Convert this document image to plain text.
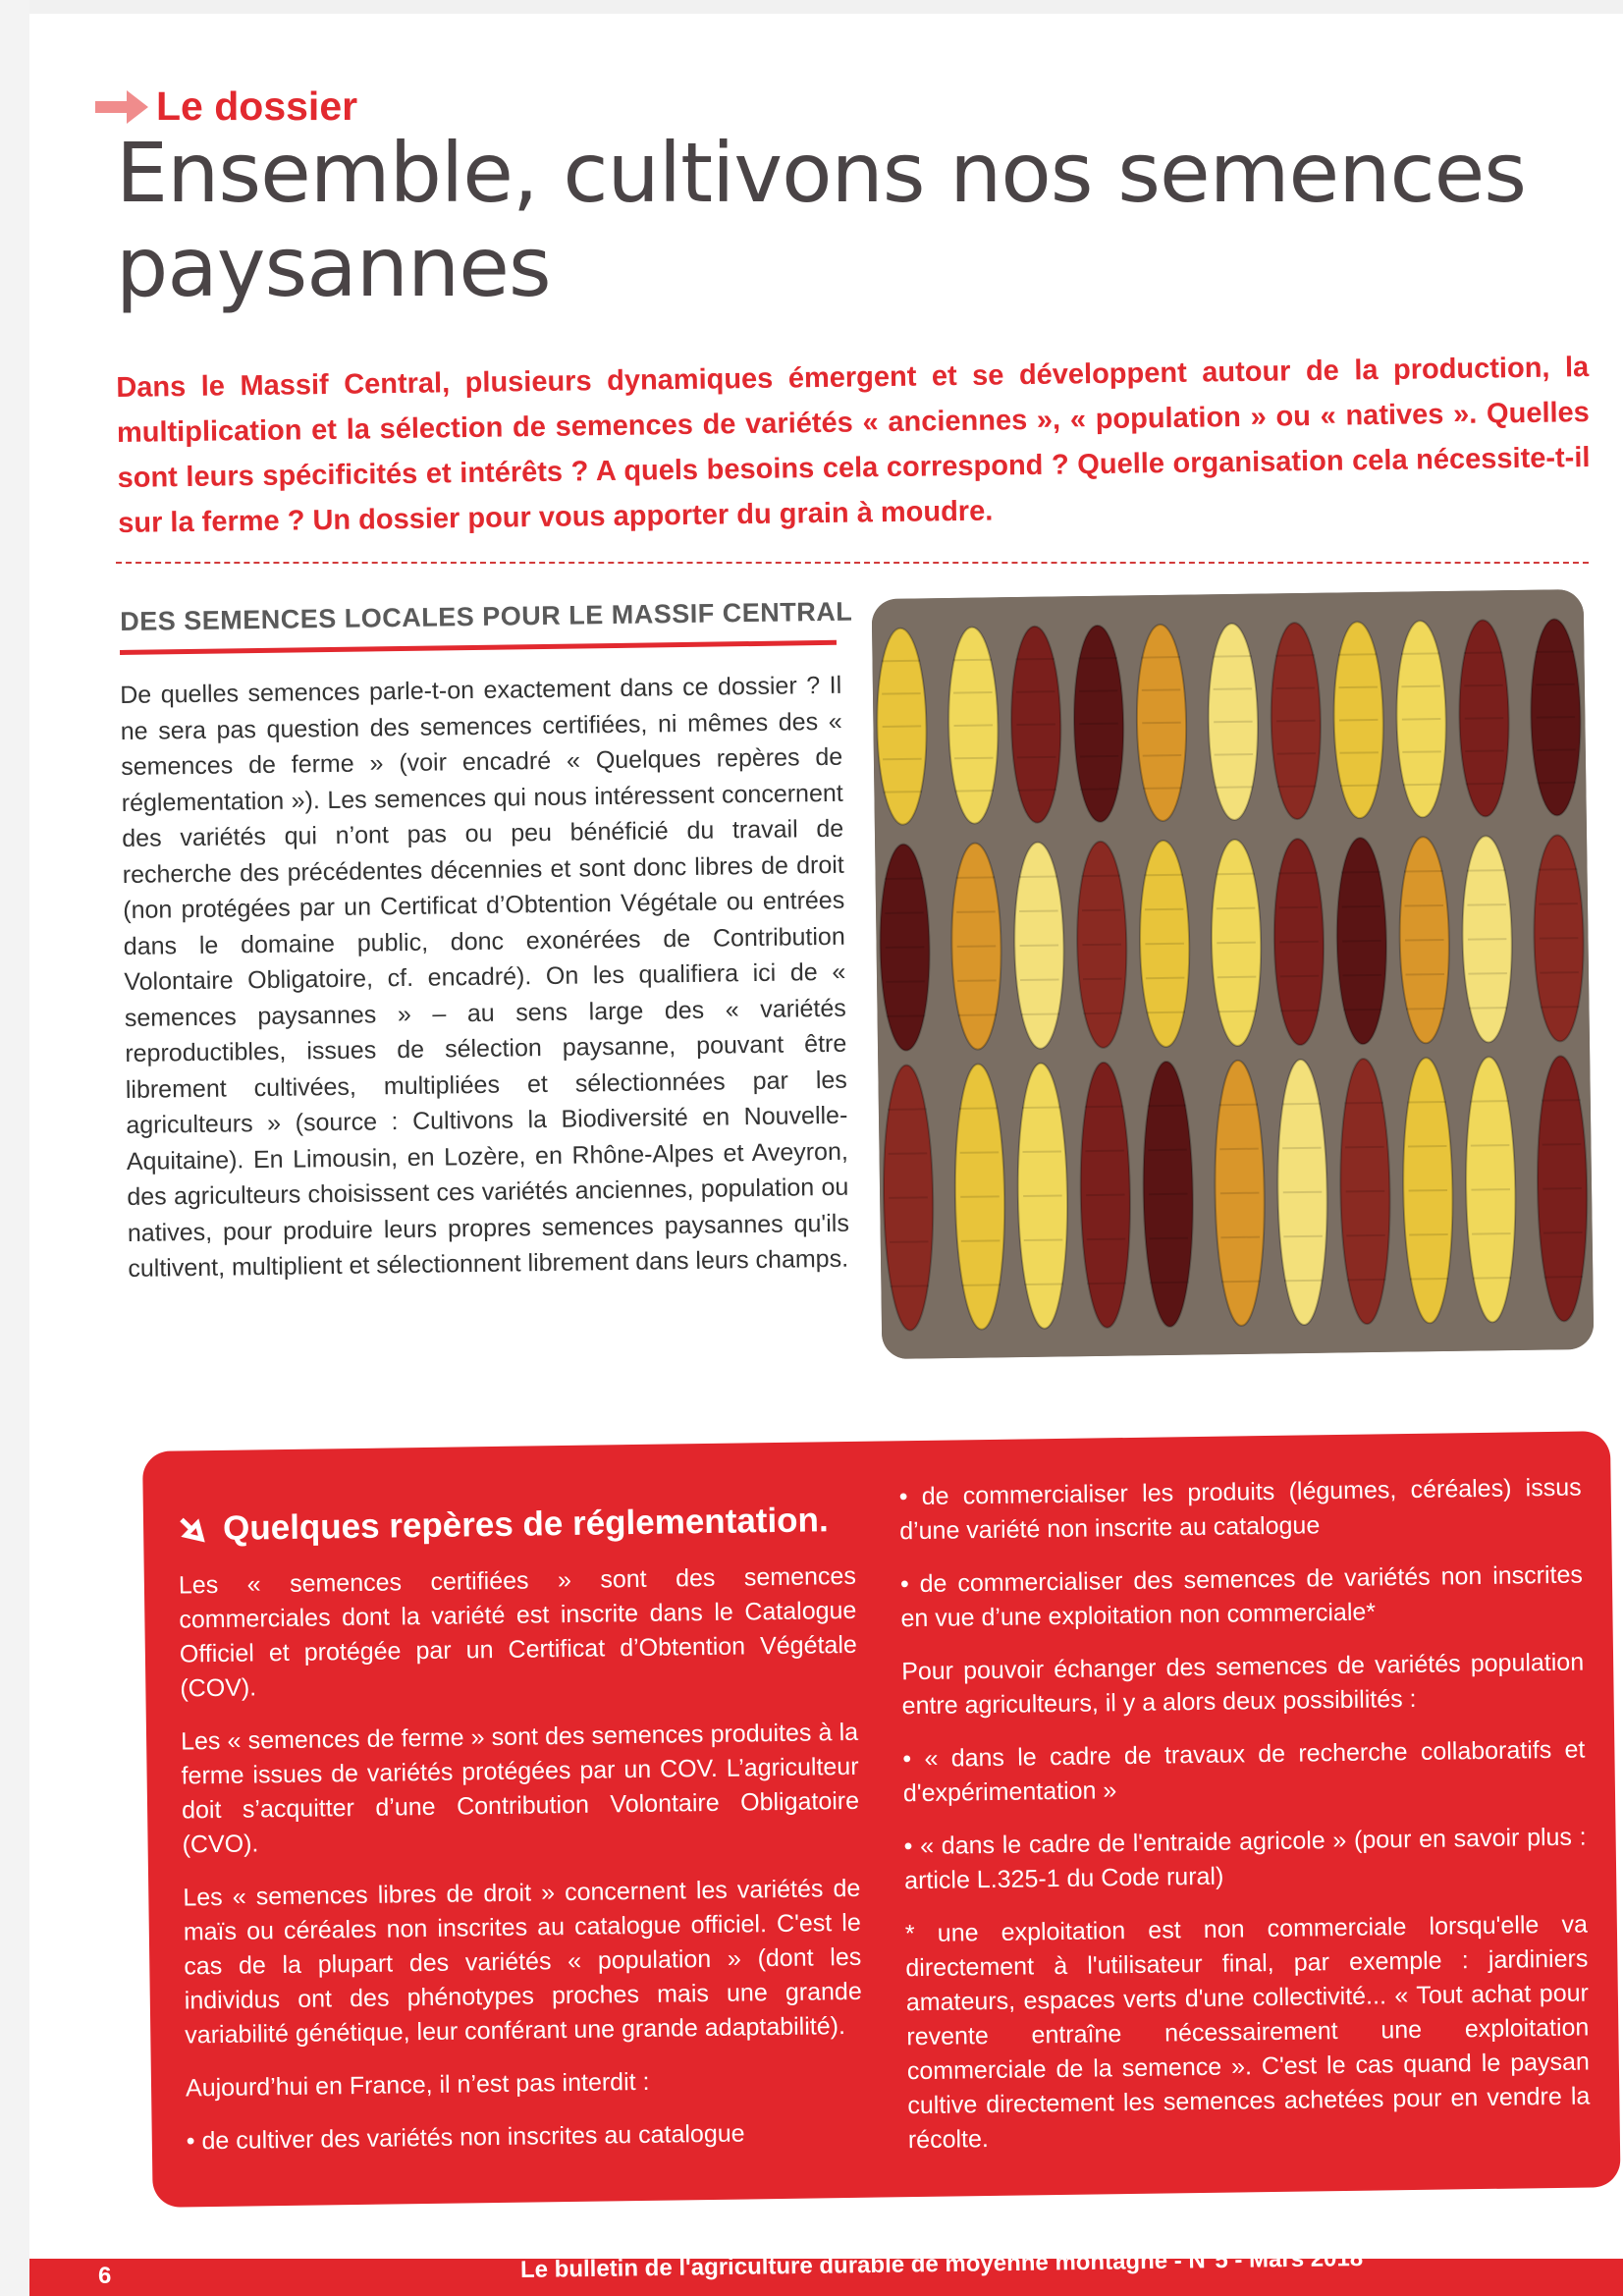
Le dossier
Ensemble, cultivons nos semences paysannes
Dans le Massif Central, plusieurs dynamiques émergent et se développent autour de la production, la multiplication et la sélection de semences de variétés « anciennes », « population » ou « natives ». Quelles sont leurs spécificités et intérêts ? A quels besoins cela correspond ? Quelle organisation cela nécessite-t-il sur la ferme ? Un dossier pour vous apporter du grain à moudre.
DES SEMENCES LOCALES POUR LE MASSIF CENTRAL

De quelles semences parle-t-on exactement dans ce dossier ? Il ne sera pas question des semences certifiées, ni mêmes des « semences de ferme » (voir encadré « Quelques repères de réglementation »). Les semences qui nous intéressent concernent des variétés qui n’ont pas ou peu bénéficié du travail de recherche des précédentes décennies et sont donc libres de droit (non protégées par un Certificat d’Obtention Végétale ou entrées dans le domaine public, donc exonérées de Contribution Volontaire Obligatoire, cf. encadré). On les qualifiera ici de « semences paysannes » – au sens large des « variétés reproductibles, issues de sélection paysanne, pouvant être librement cultivées, multipliées et sélectionnées par les agriculteurs » (source : Cultivons la Biodiversité en Nouvelle-Aquitaine). En Limousin, en Lozère, en Rhône-Alpes et Aveyron, des agriculteurs choisissent ces variétés anciennes, population ou natives, pour produire leurs propres semences paysannes qu'ils cultivent, multiplient et sélectionnent librement dans leurs champs.

Quelques repères de réglementation.

Les « semences certifiées » sont des semences commerciales dont la variété est inscrite dans le Catalogue Officiel et protégée par un Certificat d’Obtention Végétale (COV).

Les « semences de ferme » sont des semences produites à la ferme issues de variétés protégées par un COV. L’agriculteur doit s’acquitter d’une Contribution Volontaire Obligatoire (CVO).

Les « semences libres de droit » concernent les variétés de maïs ou céréales non inscrites au catalogue officiel. C'est le cas de la plupart des variétés « population » (dont les individus ont des phénotypes proches mais une grande variabilité génétique, leur conférant une grande adaptabilité).

Aujourd’hui en France, il n’est pas interdit :

• de cultiver des variétés non inscrites au catalogue

• de commercialiser les produits (légumes, céréales) issus d’une variété non inscrite au catalogue

• de commercialiser des semences de variétés non inscrites en vue d’une exploitation non commerciale*

Pour pouvoir échanger des semences de variétés population entre agriculteurs, il y a alors deux possibilités :

• « dans le cadre de travaux de recherche collaboratifs et d'expérimentation »

• « dans le cadre de l'entraide agricole » (pour en savoir plus : article L.325-1 du Code rural)

* une exploitation est non commerciale lorsqu'elle va directement à l'utilisateur final, par exemple : jardiniers amateurs, espaces verts d'une collectivité... « Tout achat pour revente entraîne nécessairement une exploitation commerciale de la semence ». C'est le cas quand le paysan cultive directement les semences achetées pour en vendre la récolte.

6	Le bulletin de l'agriculture durable de moyenne montagne - N°5 - Mars 2018
